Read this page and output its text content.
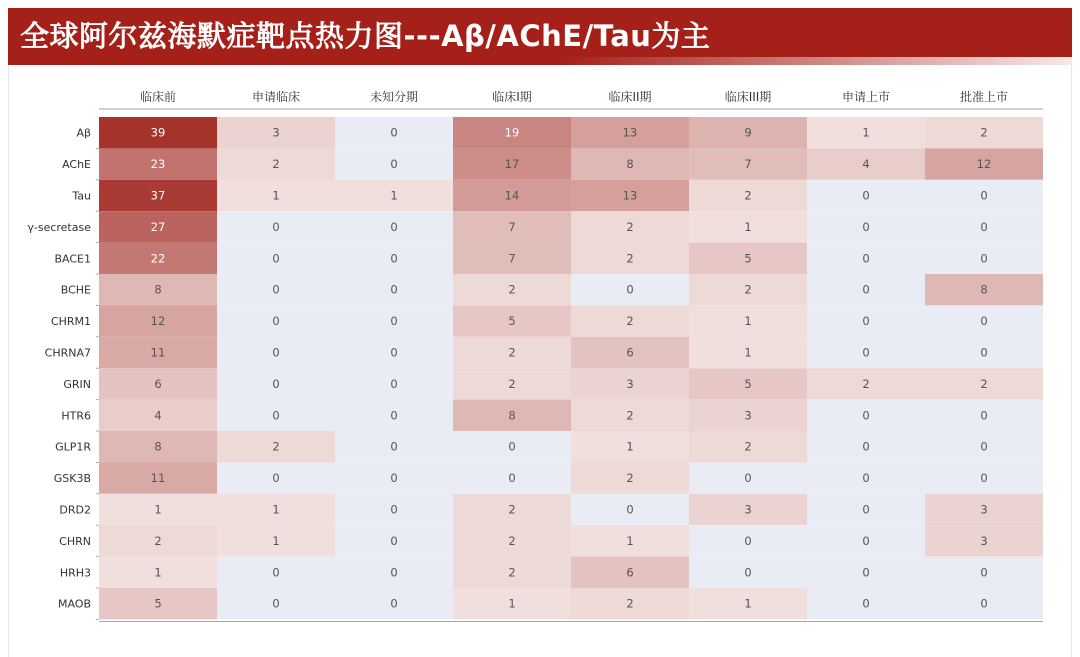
全球阿尔兹海默症靶点热力图---Aβ/AChE/Tau为主
临床前	申请临床	未知分期	临床I期	临床II期	临床III期	申请上市	批准上市
Aβ	39	3	0	19	13	9	1	2
AChE	23	2	0	17	8	7	4	12
Tau	37	1	1	14	13	2	0	0
γ-secretase	27	0	0	7	2	1	0	0
BACE1	22	0	0	7	2	5	0	0
BCHE	8	0	0	2	0	2	0	8
CHRM1	12	0	0	5	2	1	0	0
CHRNA7	11	0	0	2	6	1	0	0
GRIN	6	0	0	2	3	5	2	2
HTR6	4	0	0	8	2	3	0	0
GLP1R	8	2	0	0	1	2	0	0
GSK3B	11	0	0	0	2	0	0	0
DRD2	1	1	0	2	0	3	0	3
CHRN	2	1	0	2	1	0	0	3
HRH3	1	0	0	2	6	0	0	0
MAOB	5	0	0	1	2	1	0	0
